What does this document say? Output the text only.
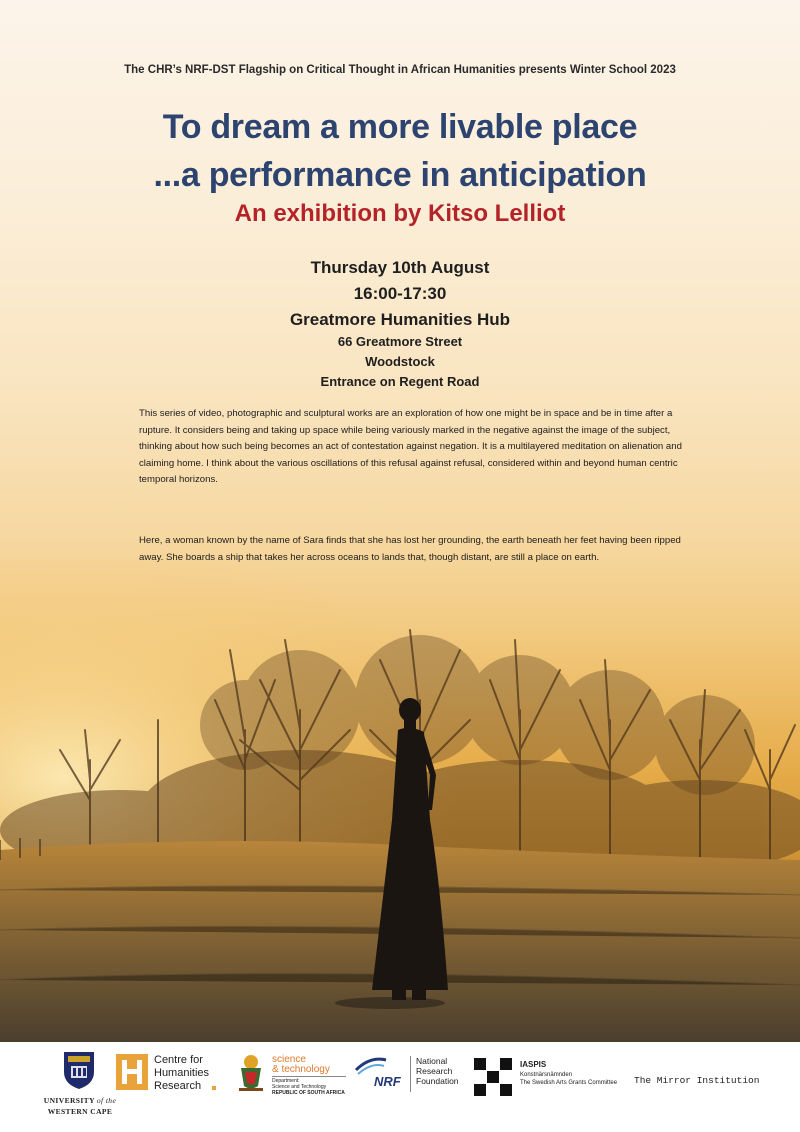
The CHR’s NRF-DST Flagship on Critical Thought in African Humanities presents Winter School 2023
To dream a more livable place
...a performance in anticipation
An exhibition by Kitso Lelliot
Thursday 10th August
16:00-17:30
Greatmore Humanities Hub
66 Greatmore Street
Woodstock
Entrance on Regent Road

This series of video, photographic and sculptural works are an exploration of how one might be in space and be in time after a rupture. It considers being and taking up space while being variously marked in the negative against the image of the subject, thinking about how such being becomes an act of contestation against negation. It is a multilayered meditation on alienation and claiming home. I think about the various oscillations of this refusal against refusal, considered within and beyond human centric temporal horizons.

Here, a woman known by the name of Sara finds that she has lost her grounding, the earth beneath her feet having been ripped away. She boards a ship that takes her across oceans to lands that, though distant, are still a place on earth.

UNIVERSITY of the
WESTERN CAPE
Centre for
Humanities
Research
science
& technology
Department:
Science and Technology
REPUBLIC OF SOUTH AFRICA
NRF
National
Research
Foundation
IASPIS
Konstnärsnämnden
The Swedish Arts Grants Committee The Mirror Institution
